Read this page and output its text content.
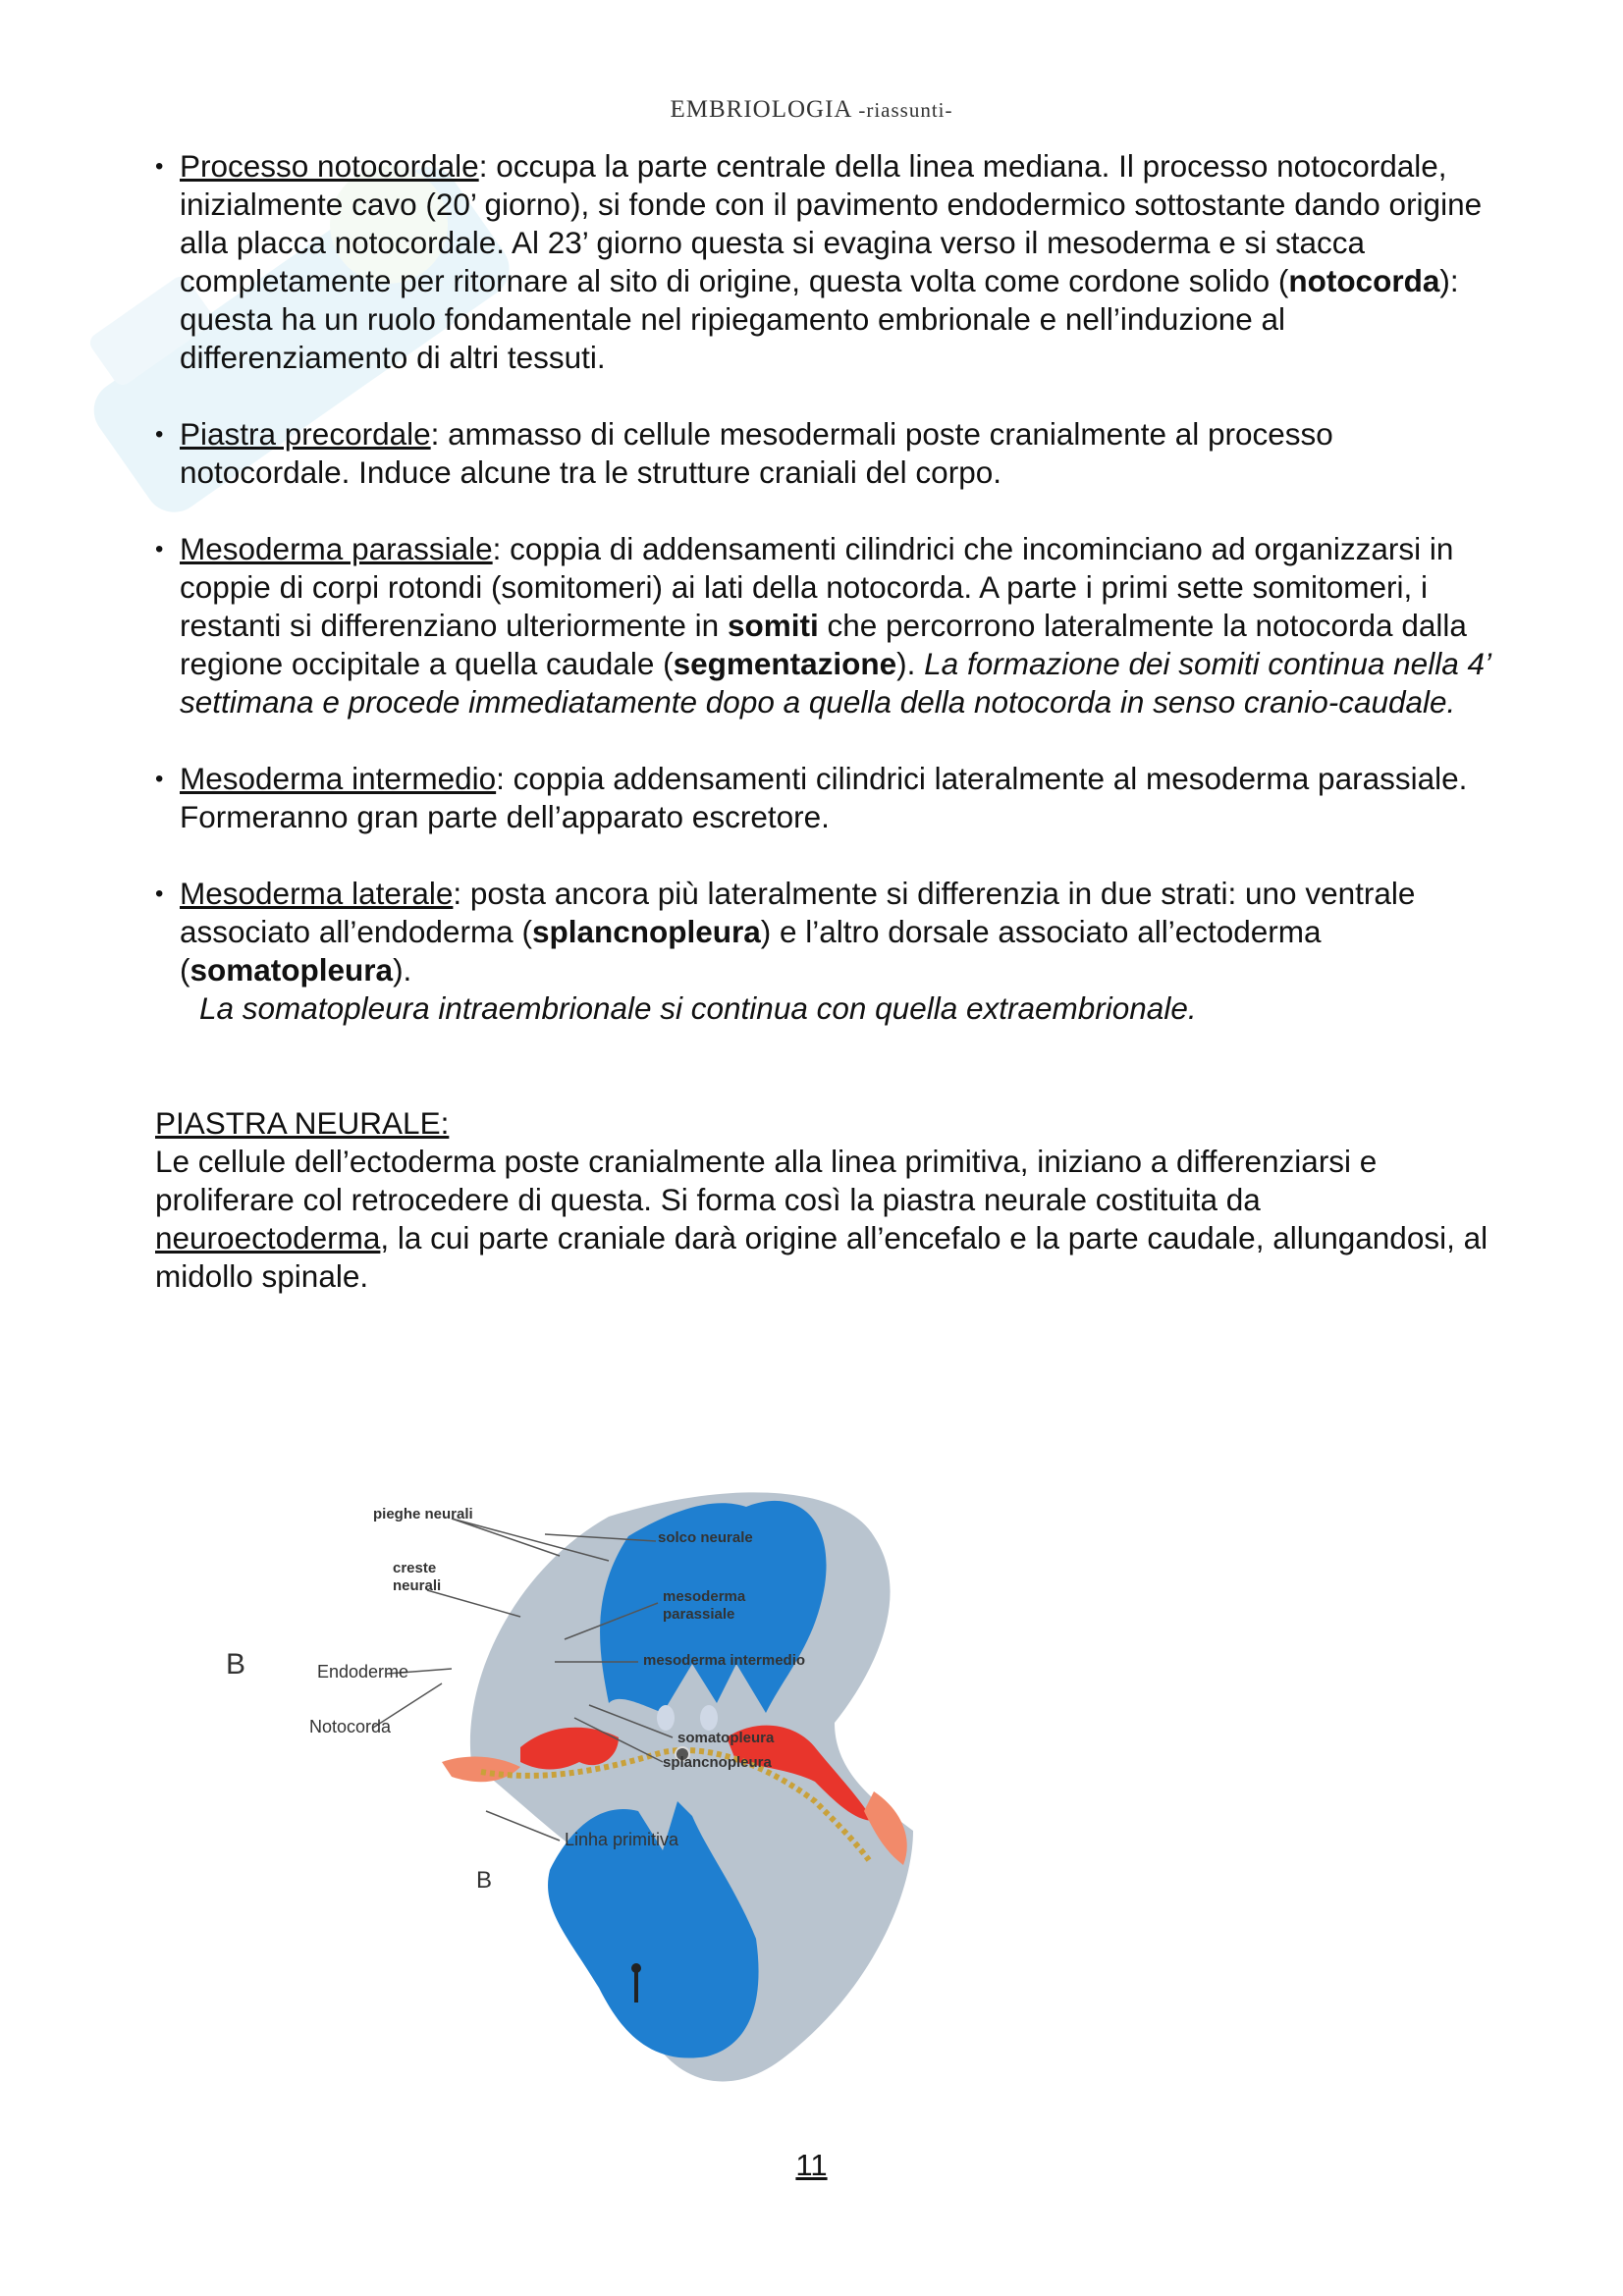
EMBRIOLOGIA -riassunti-

• Processo notocordale: occupa la parte centrale della linea mediana. Il processo notocordale, inizialmente cavo (20’ giorno), si fonde con il pavimento endodermico sottostante dando origine alla placca notocordale. Al 23’ giorno questa si evagina verso il mesoderma e si stacca completamente per ritornare al sito di origine, questa volta come cordone solido (notocorda): questa ha un ruolo fondamentale nel ripiegamento embrionale e nell’induzione al differenziamento di altri tessuti.

• Piastra precordale: ammasso di cellule mesodermali poste cranialmente al processo notocordale. Induce alcune tra le strutture craniali del corpo.

• Mesoderma parassiale: coppia di addensamenti cilindrici che incominciano ad organizzarsi in coppie di corpi rotondi (somitomeri) ai lati della notocorda. A parte i primi sette somitomeri, i restanti si differenziano ulteriormente in somiti che percorrono lateralmente la notocorda dalla regione occipitale a quella caudale (segmentazione). La formazione dei somiti continua nella 4’ settimana e procede immediatamente dopo a quella della notocorda in senso cranio-caudale.

• Mesoderma intermedio: coppia addensamenti cilindrici lateralmente al mesoderma parassiale. Formeranno gran parte dell’apparato escretore.

• Mesoderma laterale: posta ancora più lateralmente si differenzia in due strati: uno ventrale associato all’endoderma (splancnopleura) e l’altro dorsale associato all’ectoderma (somatopleura).

La somatopleura intraembrionale si continua con quella extraembrionale.
PIASTRA NEURALE:

Le cellule dell’ectoderma poste cranialmente alla linea primitiva, iniziano a differenziarsi e proliferare col retrocedere di questa. Si forma così la piastra neurale costituita da neuroectoderma, la cui parte craniale darà origine all’encefalo e la parte caudale, allungandosi, al midollo spinale.

pieghe neurali
solco neurale
creste
neurali
mesoderma
parassiale
mesoderma intermedio
Endoderme
Notocorda
somatopleura
splancnopleura
Linha primitiva
B
B
11
